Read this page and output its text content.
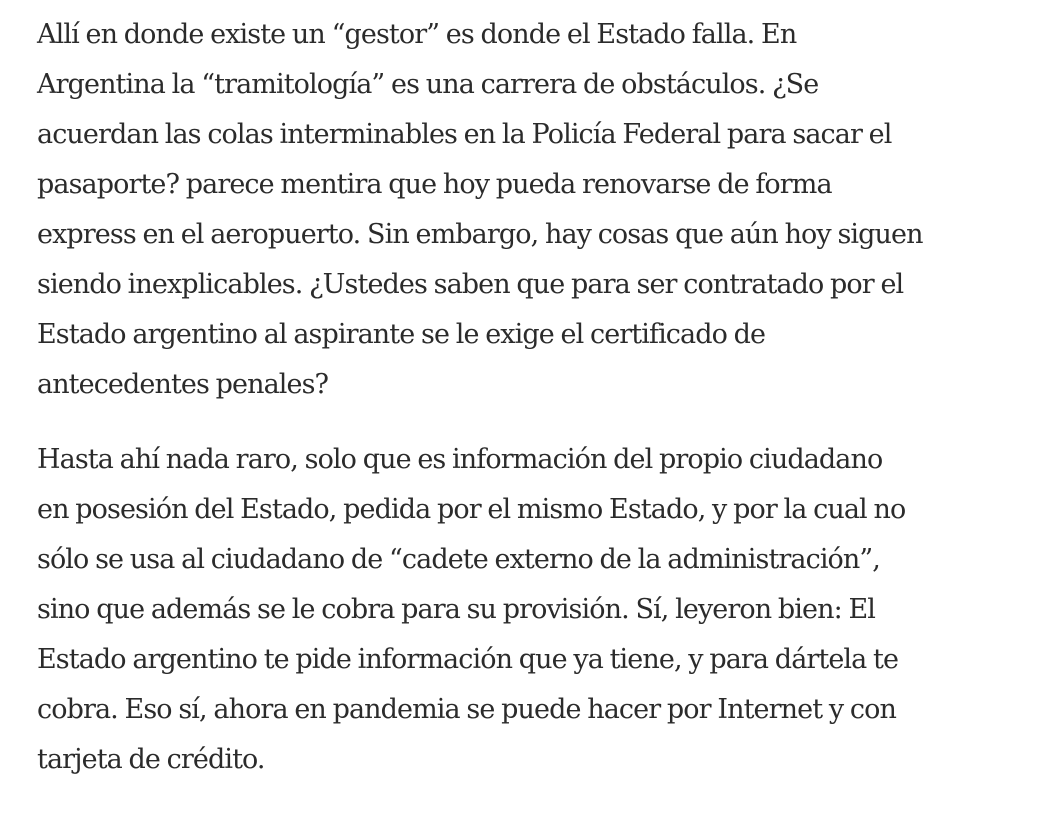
Allí en donde existe un “gestor” es donde el Estado falla. En
Argentina la “tramitología” es una carrera de obstáculos. ¿Se
acuerdan las colas interminables en la Policía Federal para sacar el
pasaporte? parece mentira que hoy pueda renovarse de forma
express en el aeropuerto. Sin embargo, hay cosas que aún hoy siguen
siendo inexplicables. ¿Ustedes saben que para ser contratado por el
Estado argentino al aspirante se le exige el certificado de
antecedentes penales?

Hasta ahí nada raro, solo que es información del propio ciudadano
en posesión del Estado, pedida por el mismo Estado, y por la cual no
sólo se usa al ciudadano de “cadete externo de la administración”,
sino que además se le cobra para su provisión. Sí, leyeron bien: El
Estado argentino te pide información que ya tiene, y para dártela te
cobra. Eso sí, ahora en pandemia se puede hacer por Internet y con
tarjeta de crédito.
